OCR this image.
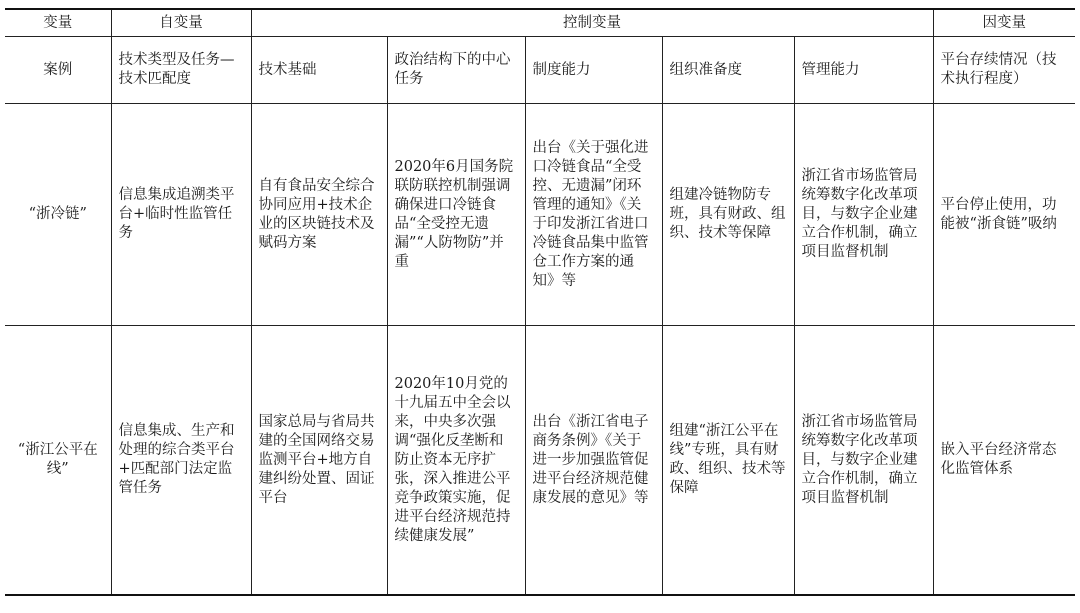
变量	自变量	控制变量					因变量
案例	技术类型及任务—技术匹配度	技术基础	政治结构下的中心任务	制度能力	组织准备度	管理能力	平台存续情况（技术执行程度）
“浙冷链”	信息集成追溯类平台+临时性监管任务	自有食品安全综合协同应用+技术企业的区块链技术及赋码方案	2020年6月国务院联防联控机制强调确保进口冷链食品“全受控无遗漏”“人防物防”并重	出台《关于强化进口冷链食品“全受控、无遗漏”闭环管理的通知》《关于印发浙江省进口冷链食品集中监管仓工作方案的通知》等	组建冷链物防专班，具有财政、组织、技术等保障	浙江省市场监管局统筹数字化改革项目，与数字企业建立合作机制，确立项目监督机制	平台停止使用，功能被“浙食链”吸纳
“浙江公平在线”	信息集成、生产和处理的综合类平台+匹配部门法定监管任务	国家总局与省局共建的全国网络交易监测平台+地方自建纠纷处置、固证平台	2020年10月党的十九届五中全会以来，中央多次强调“强化反垄断和防止资本无序扩张，深入推进公平竞争政策实施，促进平台经济规范持续健康发展”	出台《浙江省电子商务条例》《关于进一步加强监管促进平台经济规范健康发展的意见》等	组建“浙江公平在线”专班，具有财政、组织、技术等保障	浙江省市场监管局统筹数字化改革项目，与数字企业建立合作机制，确立项目监督机制	嵌入平台经济常态化监管体系
